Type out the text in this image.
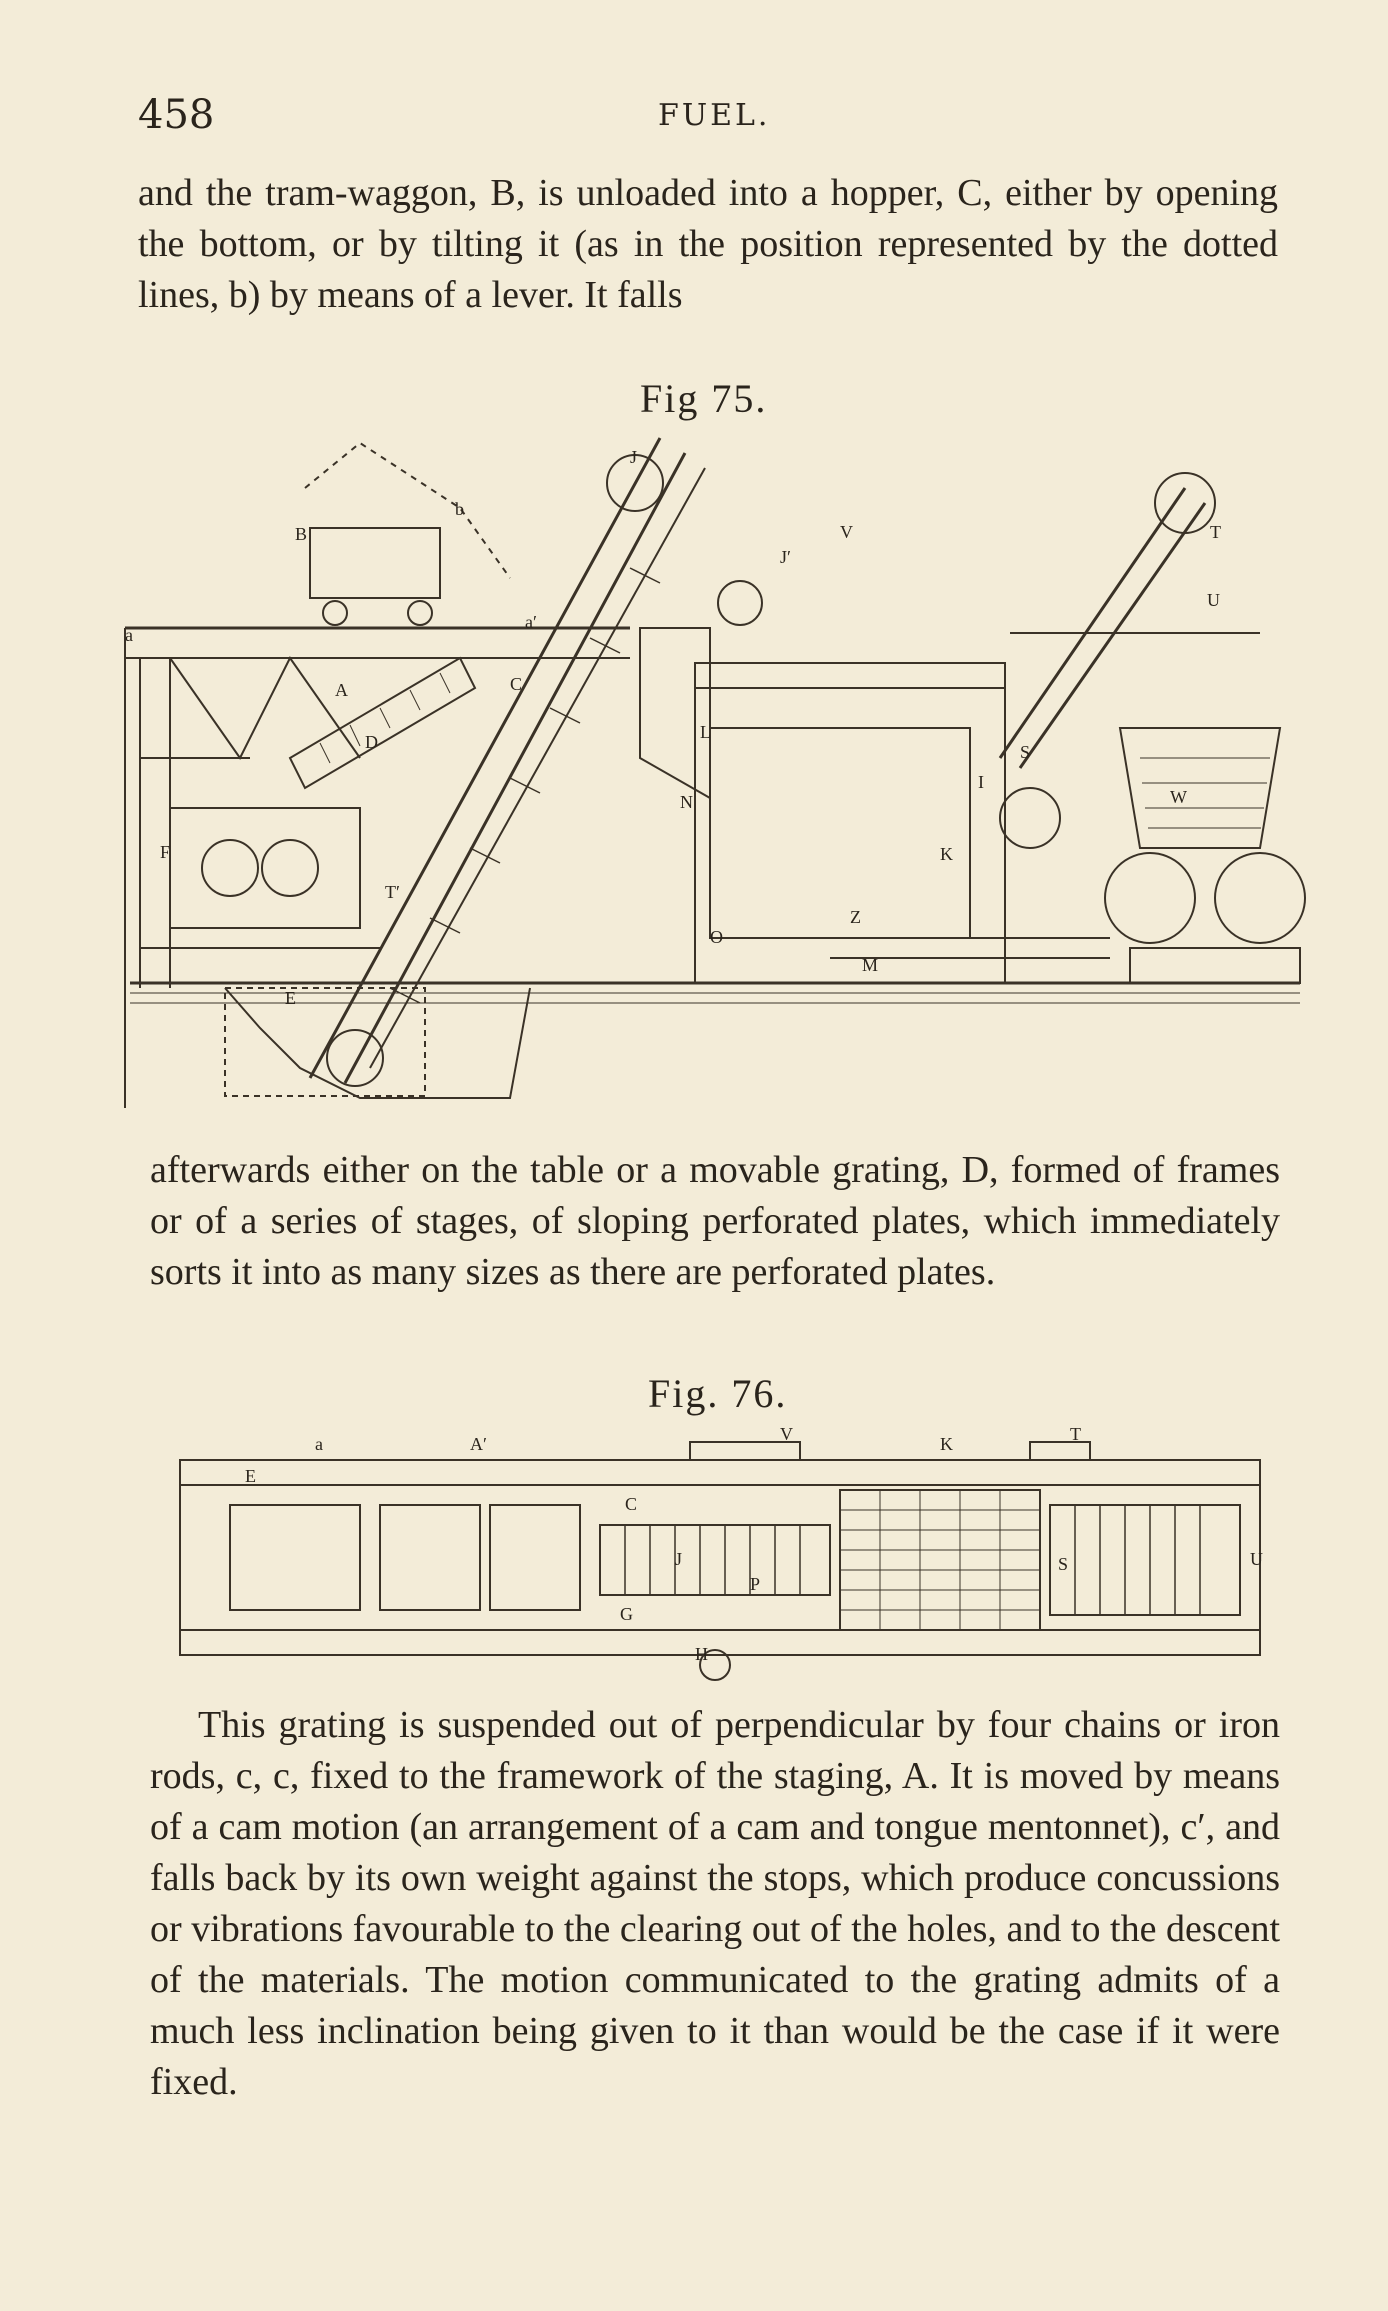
458	FUEL.

and the tram-waggon, B, is unloaded into a hopper, C, either by opening the bottom, or by tilting it (as in the position represented by the dotted lines, b) by means of a lever. It falls

Fig 75.
B
b
J
V
J′
T
A
a
a′
C
D
T′
L
N
K
I
S
W
M
E
F
Z
O
U

afterwards either on the table or a movable grating, D, formed of frames or of a series of stages, of sloping perforated plates, which immediately sorts it into as many sizes as there are perforated plates.

Fig. 76.
E
A′
a	V	K	T
C
G
H
S	U
J
P

This grating is suspended out of perpendicular by four chains or iron rods, c, c, fixed to the framework of the staging, A. It is moved by means of a cam motion (an arrangement of a cam and tongue mentonnet), c′, and falls back by its own weight against the stops, which produce concussions or vibrations favourable to the clearing out of the holes, and to the descent of the materials. The motion communicated to the grating admits of a much less inclination being given to it than would be the case if it were fixed.
